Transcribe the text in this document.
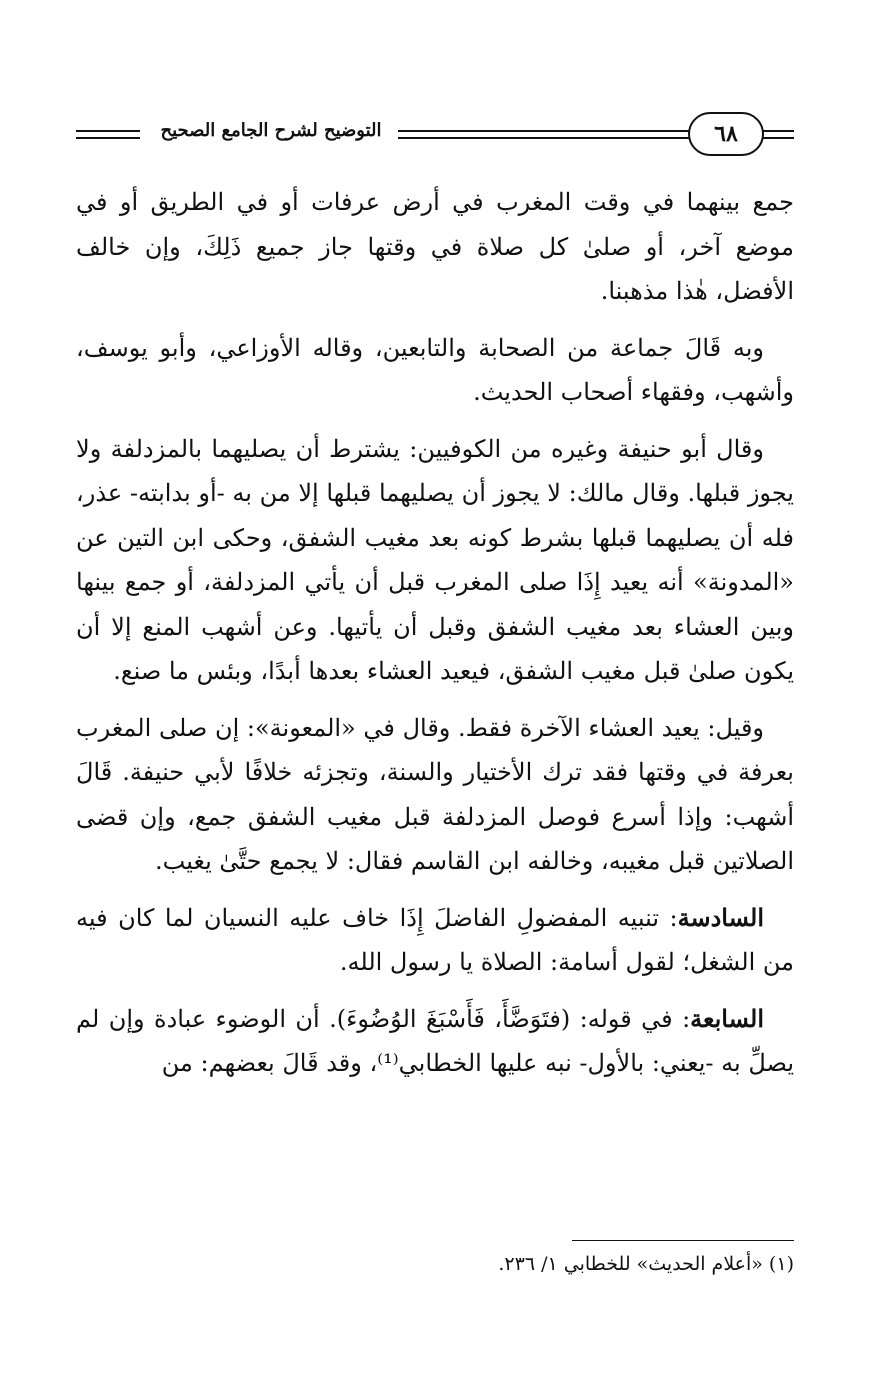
التوضيح لشرح الجامع الصحيح	٦٨

جمع بينهما في وقت المغرب في أرض عرفات أو في الطريق أو في موضع آخر، أو صلىٰ كل صلاة في وقتها جاز جميع ذَلِكَ، وإن خالف الأفضل، هٰذا مذهبنا.

وبه قَالَ جماعة من الصحابة والتابعين، وقاله الأوزاعي، وأبو يوسف، وأشهب، وفقهاء أصحاب الحديث.

وقال أبو حنيفة وغيره من الكوفيين: يشترط أن يصليهما بالمزدلفة ولا يجوز قبلها. وقال مالك: لا يجوز أن يصليهما قبلها إلا من به -أو بدابته- عذر، فله أن يصليهما قبلها بشرط كونه بعد مغيب الشفق، وحكى ابن التين عن «المدونة» أنه يعيد إِذَا صلى المغرب قبل أن يأتي المزدلفة، أو جمع بينها وبين العشاء بعد مغيب الشفق وقبل أن يأتيها. وعن أشهب المنع إلا أن يكون صلىٰ قبل مغيب الشفق، فيعيد العشاء بعدها أبدًا، وبئس ما صنع.

وقيل: يعيد العشاء الآخرة فقط. وقال في «المعونة»: إن صلى المغرب بعرفة في وقتها فقد ترك الأختيار والسنة، وتجزئه خلافًا لأبي حنيفة. قَالَ أشهب: وإذا أسرع فوصل المزدلفة قبل مغيب الشفق جمع، وإن قضى الصلاتين قبل مغيبه، وخالفه ابن القاسم فقال: لا يجمع حتَّىٰ يغيب.

السادسة: تنبيه المفضولِ الفاضلَ إِذَا خاف عليه النسيان لما كان فيه من الشغل؛ لقول أسامة: الصلاة يا رسول الله.

السابعة: في قوله: (فتَوَضَّأَ، فَأَسْبَغَ الوُضُوءَ). أن الوضوء عبادة وإن لم يصلِّ به -يعني: بالأول- نبه عليها الخطابي⁽¹⁾، وقد قَالَ بعضهم: من

(١) «أعلام الحديث» للخطابي ١/ ٢٣٦.
